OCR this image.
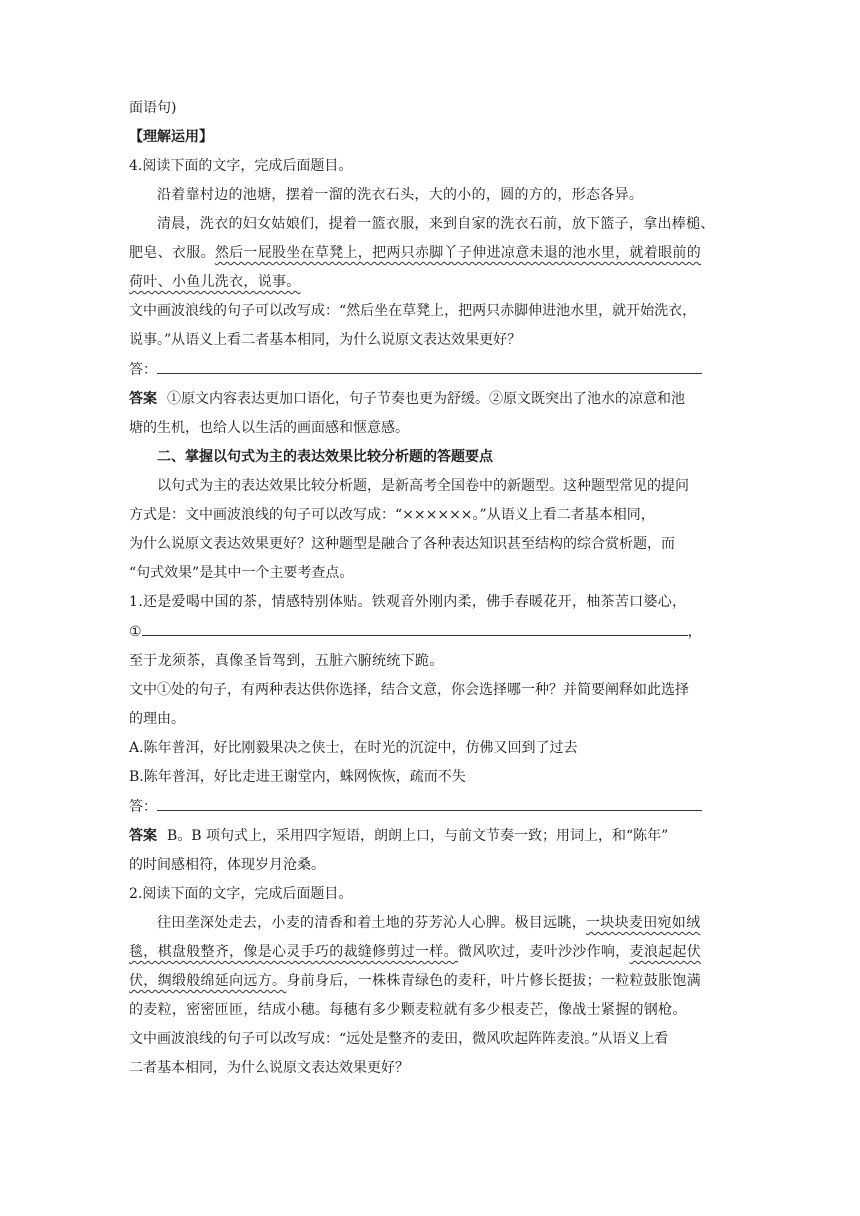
面语句)
【理解运用】
4.阅读下面的文字，完成后面题目。
沿着靠村边的池塘，摆着一溜的洗衣石头，大的小的，圆的方的，形态各异。
清晨，洗衣的妇女姑娘们，提着一篮衣服，来到自家的洗衣石前，放下篮子，拿出棒槌、
肥皂、衣服。然后一屁股坐在草凳上，把两只赤脚丫子伸进凉意未退的池水里，就着眼前的
荷叶、小鱼儿洗衣，说事。
文中画波浪线的句子可以改写成：“然后坐在草凳上，把两只赤脚伸进池水里，就开始洗衣，
说事。”从语义上看二者基本相同，为什么说原文表达效果更好？
答：
答案 ①原文内容表达更加口语化，句子节奏也更为舒缓。②原文既突出了池水的凉意和池
塘的生机，也给人以生活的画面感和惬意感。
二、掌握以句式为主的表达效果比较分析题的答题要点
以句式为主的表达效果比较分析题，是新高考全国卷中的新题型。这种题型常见的提问
方式是：文中画波浪线的句子可以改写成：“××××××。”从语义上看二者基本相同，
为什么说原文表达效果更好？这种题型是融合了各种表达知识甚至结构的综合赏析题，而
“句式效果”是其中一个主要考查点。
1.还是爱喝中国的茶，情感特别体贴。铁观音外刚内柔，佛手春暖花开，柚茶苦口婆心，
①	，
至于龙须茶，真像圣旨驾到，五脏六腑统统下跪。
文中①处的句子，有两种表达供你选择，结合文意，你会选择哪一种？并简要阐释如此选择
的理由。
A.陈年普洱，好比刚毅果决之侠士，在时光的沉淀中，仿佛又回到了过去
B.陈年普洱，好比走进王谢堂内，蛛网恢恢，疏而不失
答：
答案 B。B 项句式上，采用四字短语，朗朗上口，与前文节奏一致；用词上，和“陈年”
的时间感相符，体现岁月沧桑。
2.阅读下面的文字，完成后面题目。
往田垄深处走去，小麦的清香和着土地的芬芳沁人心脾。极目远眺，一块块麦田宛如绒
毯，棋盘般整齐，像是心灵手巧的裁缝修剪过一样。微风吹过，麦叶沙沙作响，麦浪起起伏
伏，绸缎般绵延向远方。身前身后，一株株青绿色的麦秆，叶片修长挺拔；一粒粒鼓胀饱满
的麦粒，密密匝匝，结成小穗。每穗有多少颗麦粒就有多少根麦芒，像战士紧握的钢枪。
文中画波浪线的句子可以改写成：“远处是整齐的麦田，微风吹起阵阵麦浪。”从语义上看
二者基本相同，为什么说原文表达效果更好？
